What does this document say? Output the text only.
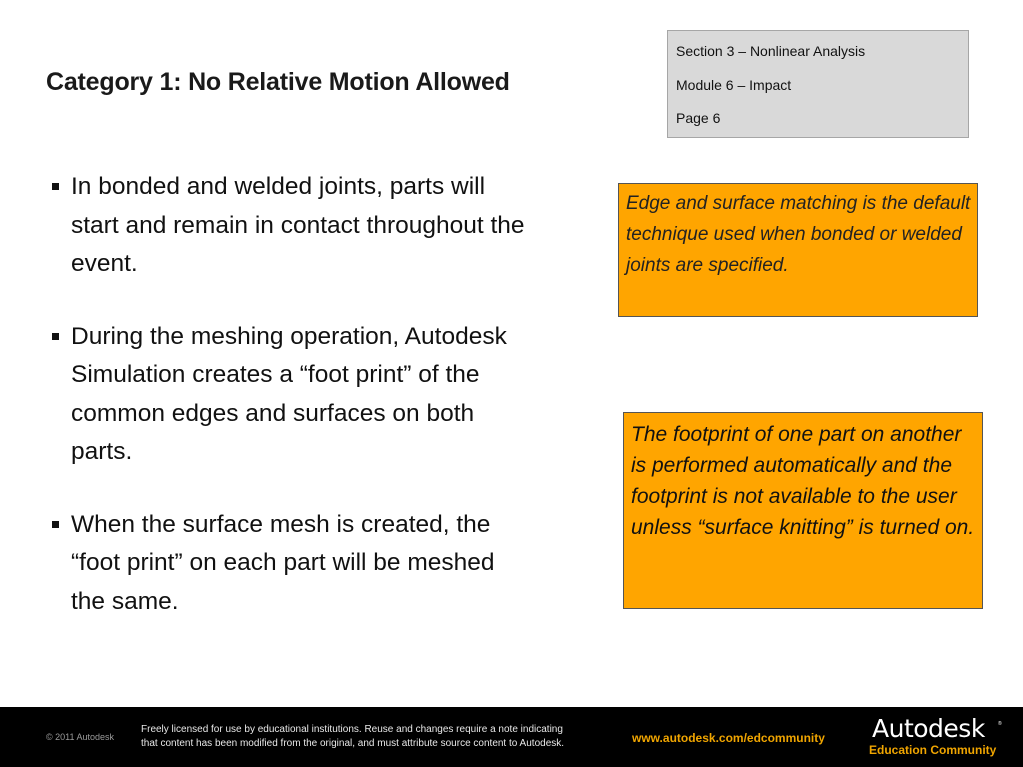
Category 1: No Relative Motion Allowed
Section 3 – Nonlinear Analysis
Module 6 – Impact
Page 6
In bonded and welded joints, parts will start and remain in contact throughout the event.
During the meshing operation, Autodesk Simulation creates a “foot print” of the common edges and surfaces on both parts.
When the surface mesh is created, the “foot print” on each part will be meshed the same.
Edge and surface matching is the default technique used when bonded or welded joints are specified.
The footprint of one part on another is performed automatically and the footprint is not available to the user unless “surface knitting” is turned on.
© 2011 Autodesk
Freely licensed for use by educational institutions. Reuse and changes require a note indicating
that content has been modified from the original, and must attribute source content to Autodesk.	www.autodesk.com/edcommunity Autodesk	®
Education Community
